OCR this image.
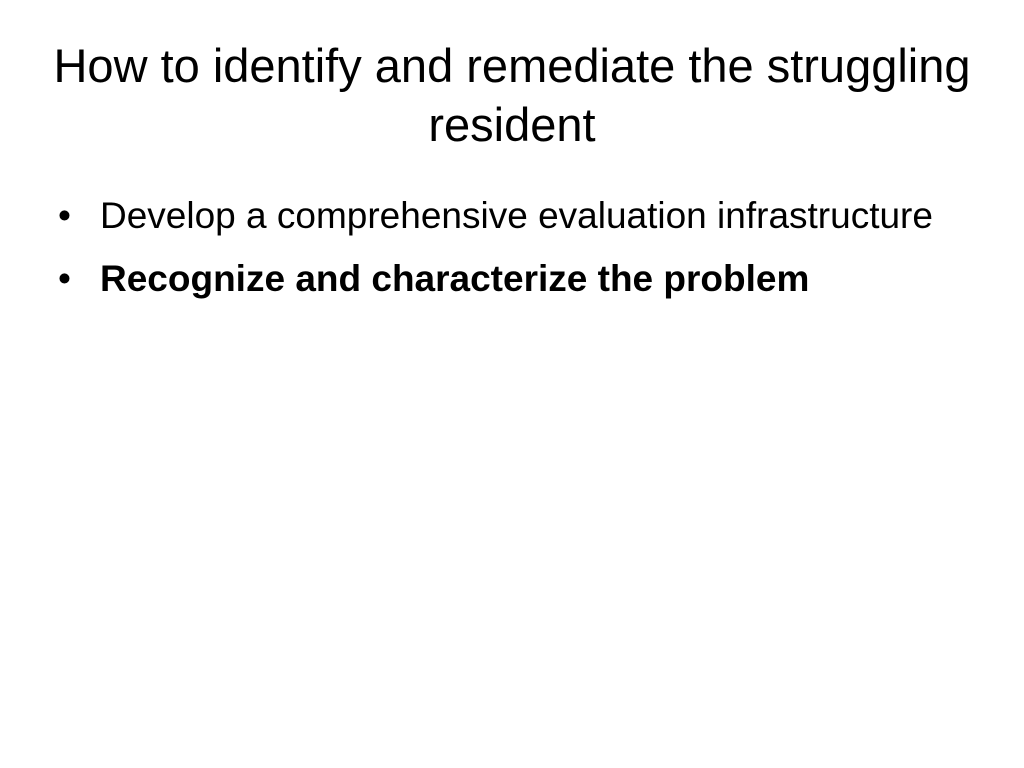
How to identify and remediate the struggling resident
• Develop a comprehensive evaluation infrastructure
• Recognize and characterize the problem
